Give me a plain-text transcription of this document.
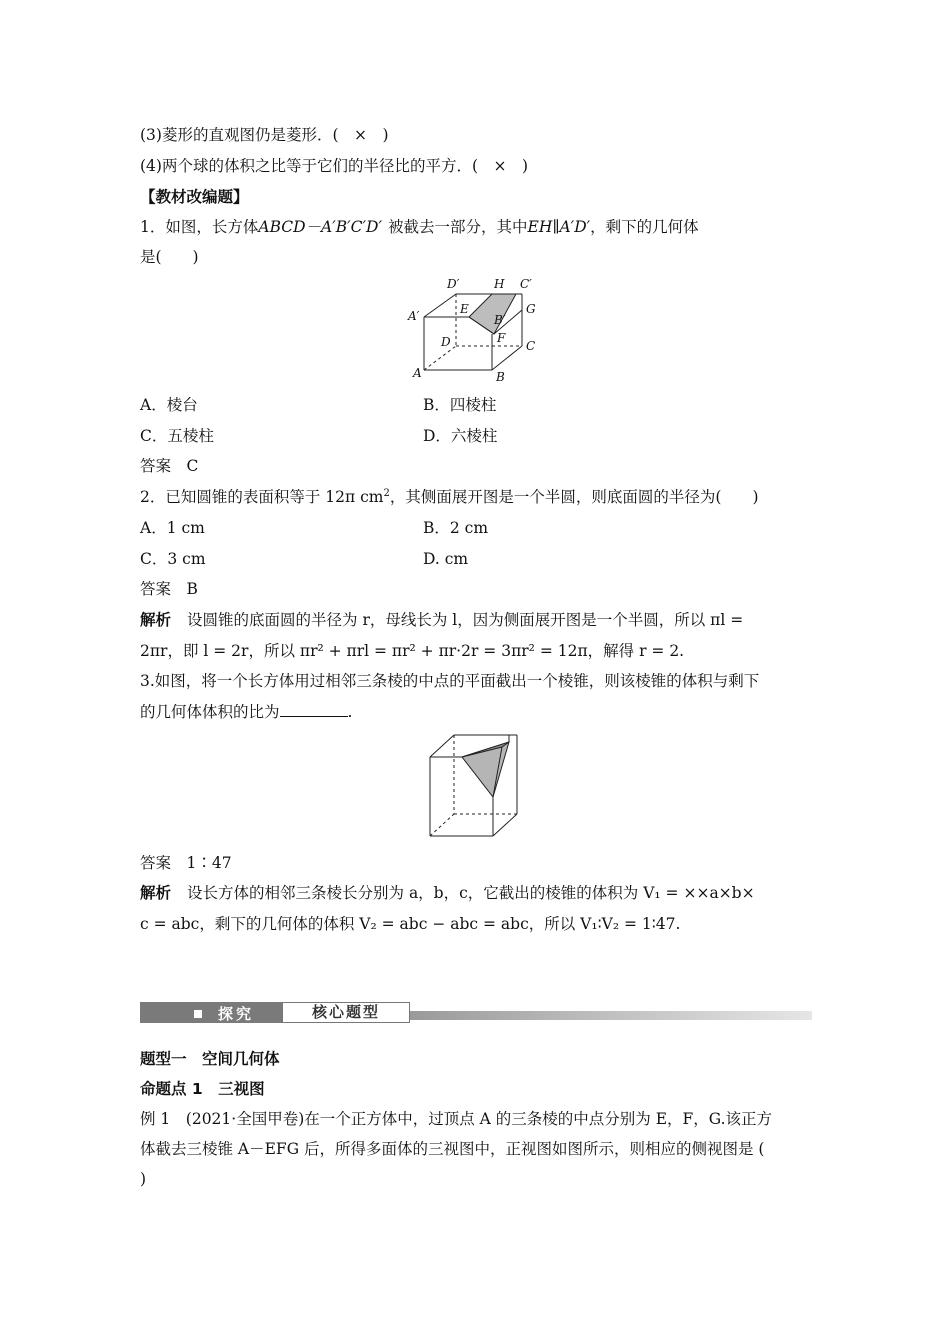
(3)菱形的直观图仍是菱形．(　×　)
(4)两个球的体积之比等于它们的半径比的平方．(　×　)
【教材改编题】
1．如图，长方体ABCD－A′B′C′D′ 被截去一部分，其中EH∥A′D′，剩下的几何体
是(　　)
D′	H C′
A′	E
B′
G
F
D	C
A	B
A．棱台	B．四棱柱
C．五棱柱	D．六棱柱
答案　C
2．已知圆锥的表面积等于 12π $cm^2$，其侧面展开图是一个半圆，则底面圆的半径为(　　)
A．1 cm	B．2 cm
C．3 cm	D. cm
答案　B
解析 设圆锥的底面圆的半径为 r，母线长为 l，因为侧面展开图是一个半圆，所以 πl =
2πr，即 l = 2r，所以 πr² + πrl = πr² + πr·2r = 3πr² = 12π，解得 r = 2.
3.如图，将一个长方体用过相邻三条棱的中点的平面截出一个棱锥，则该棱锥的体积与剩下
的几何体体积的比为	.
答案　1∶47
解析 设长方体的相邻三条棱长分别为 a，b，c，它截出的棱锥的体积为 V₁ = ××a×b×
c = abc，剩下的几何体的体积 V₂ = abc − abc = abc，所以 V₁∶V₂ = 1∶47.
探究	核心题型
题型一　空间几何体
命题点 1　三视图
例 1　(2021·全国甲卷)在一个正方体中，过顶点 A 的三条棱的中点分别为 E，F，G.该正方
体截去三棱锥 A－EFG 后，所得多面体的三视图中，正视图如图所示，则相应的侧视图是 (
)
